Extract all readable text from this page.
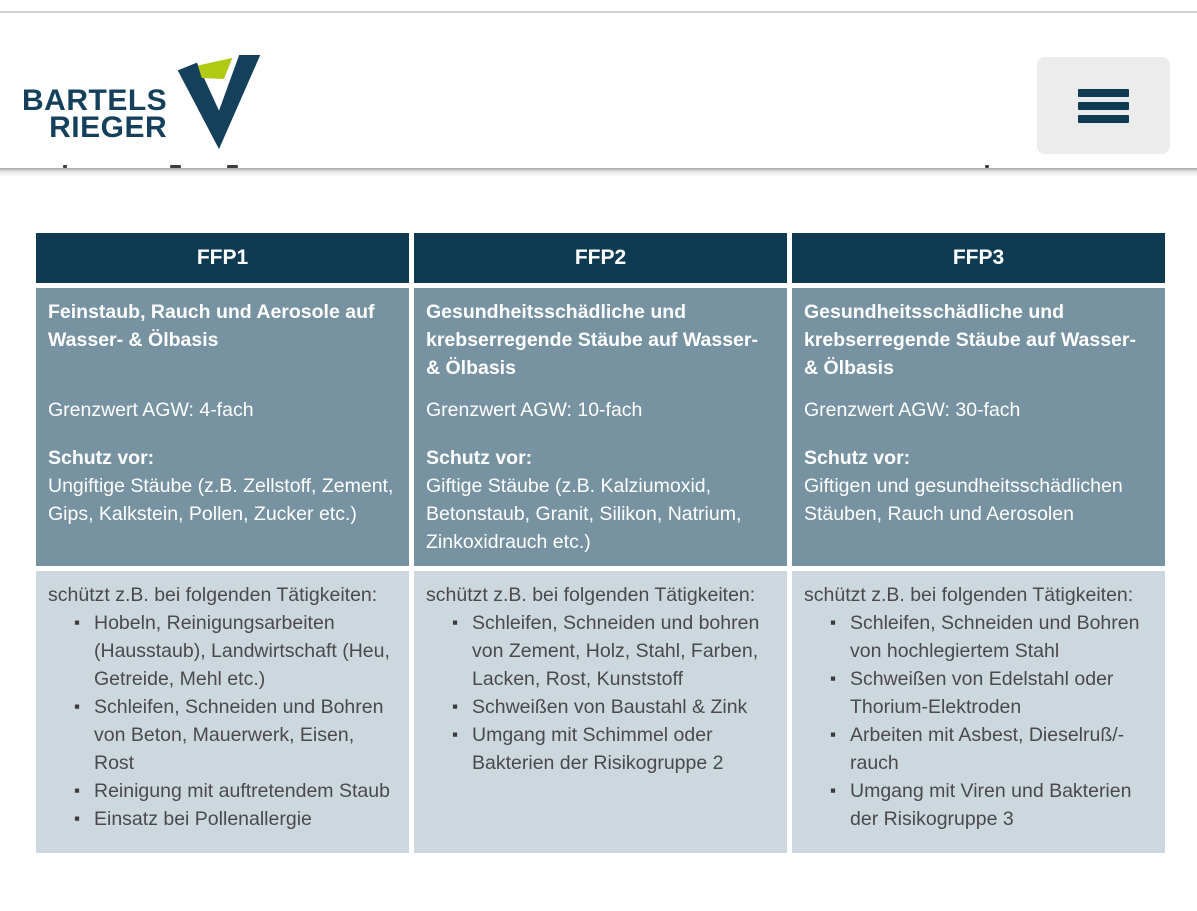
BARTELS
RIEGER
FFP1	FFP2	FFP3
Feinstaub, Rauch und Aerosole auf Wasser- & Ölbasis
Grenzwert AGW: 4-fach
Schutz vor:
Ungiftige Stäube (z.B. Zellstoff, Zement, Gips, Kalkstein, Pollen, Zucker etc.)
Gesundheitsschädliche und krebserregende Stäube auf Wasser- & Ölbasis
Grenzwert AGW: 10-fach
Schutz vor:
Giftige Stäube (z.B. Kalziumoxid, Betonstaub, Granit, Silikon, Natrium, Zinkoxidrauch etc.)
Gesundheitsschädliche und krebserregende Stäube auf Wasser- & Ölbasis
Grenzwert AGW: 30-fach
Schutz vor:
Giftigen und gesundheitsschädlichen Stäuben, Rauch und Aerosolen
schützt z.B. bei folgenden Tätigkeiten:
▪ Hobeln, Reinigungsarbeiten (Hausstaub), Landwirtschaft (Heu, Getreide, Mehl etc.)
▪ Schleifen, Schneiden und Bohren von Beton, Mauerwerk, Eisen, Rost
▪ Reinigung mit auftretendem Staub
▪ Einsatz bei Pollenallergie
schützt z.B. bei folgenden Tätigkeiten:
▪ Schleifen, Schneiden und bohren von Zement, Holz, Stahl, Farben, Lacken, Rost, Kunststoff
▪ Schweißen von Baustahl & Zink
▪ Umgang mit Schimmel oder Bakterien der Risikogruppe 2
schützt z.B. bei folgenden Tätigkeiten:
▪ Schleifen, Schneiden und Bohren von hochlegiertem Stahl
▪ Schweißen von Edelstahl oder Thorium-Elektroden
▪ Arbeiten mit Asbest, Dieselruß/-rauch
▪ Umgang mit Viren und Bakterien der Risikogruppe 3
